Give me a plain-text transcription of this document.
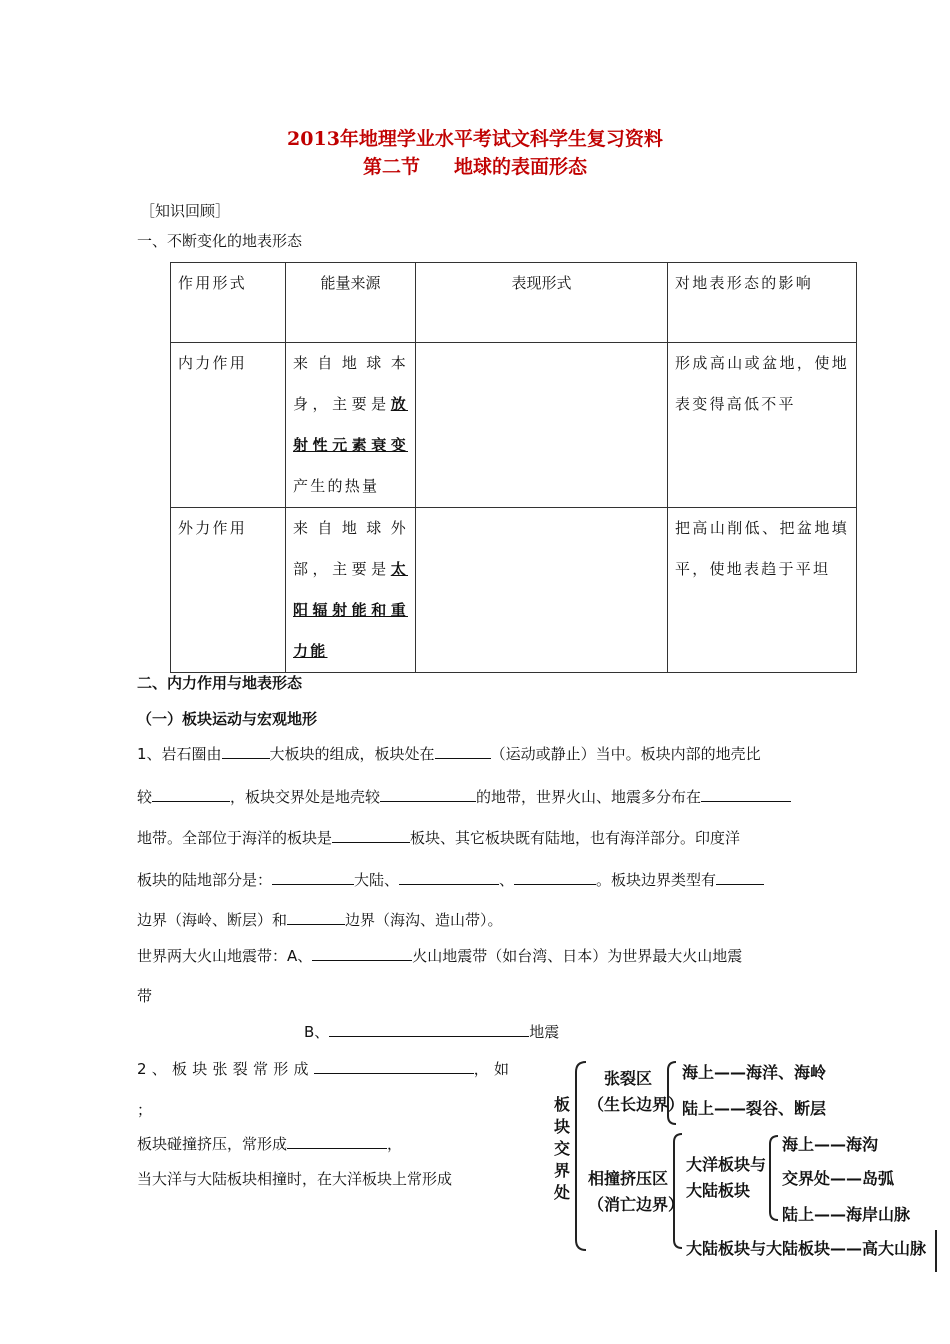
2013年地理学业水平考试文科学生复习资料
第二节 地球的表面形态
［知识回顾］
一、不断变化的地表形态
作用形式	能量来源	表现形式	对地表形态的影响
内力作用	来自地球本身，主要是放射性元素衰变产生的热量		形成高山或盆地，使地表变得高低不平
外力作用	来自地球外部，主要是太阳辐射能和重力能		把高山削低、把盆地填平，使地表趋于平坦
二、内力作用与地表形态
（一）板块运动与宏观地形
1、岩石圈由	大板块的组成，板块处在	（运动或静止）当中。板块内部的地壳比
较	，板块交界处是地壳较	的地带，世界火山、地震多分布在
地带。全部位于海洋的板块是	板块、其它板块既有陆地，也有海洋部分。印度洋
板块的陆地部分是：	大陆、	、	。板块边界类型有
边界（海岭、断层）和	边界（海沟、造山带）。
世界两大火山地震带：A、	火山地震带（如台湾、日本）为世界最大火山地震
带
B、	地震
2、板块张裂常形成	，如
；
板块碰撞挤压，常形成	，
当大洋与大陆板块相撞时，在大洋板块上常形成
板块交界处
张裂区
（生长边界）
海上——海洋、海岭
陆上——裂谷、断层
相撞挤压区
（消亡边界）
大洋板块与
大陆板块
海上——海沟
交界处——岛弧
陆上——海岸山脉
大陆板块与大陆板块——高大山脉
